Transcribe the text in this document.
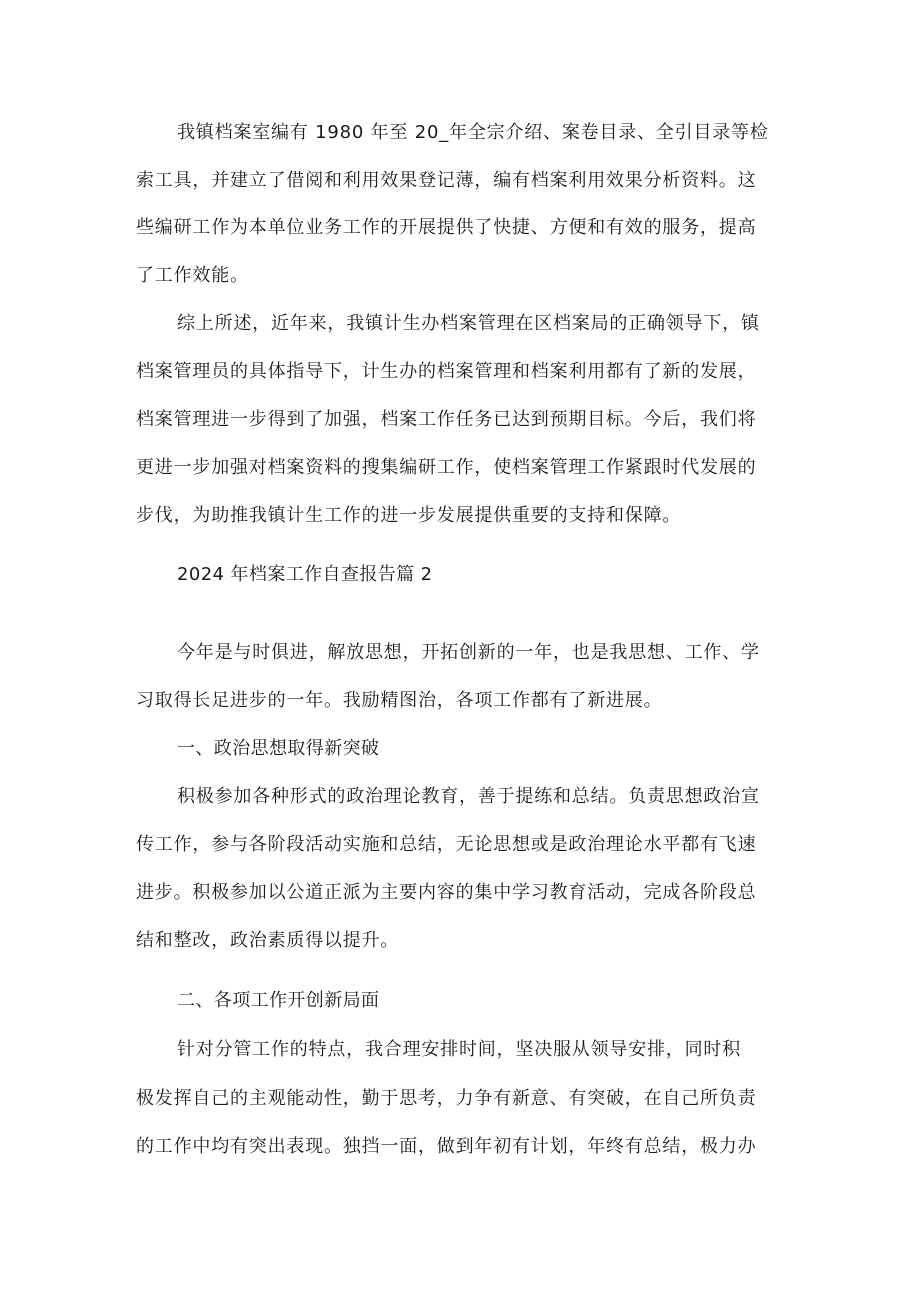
我镇档案室编有 1980 年至 20_年全宗介绍、案卷目录、全引目录等检
索工具，并建立了借阅和利用效果登记薄，编有档案利用效果分析资料。这
些编研工作为本单位业务工作的开展提供了快捷、方便和有效的服务，提高
了工作效能。
综上所述，近年来，我镇计生办档案管理在区档案局的正确领导下，镇
档案管理员的具体指导下，计生办的档案管理和档案利用都有了新的发展，
档案管理进一步得到了加强，档案工作任务已达到预期目标。今后，我们将
更进一步加强对档案资料的搜集编研工作，使档案管理工作紧跟时代发展的
步伐，为助推我镇计生工作的进一步发展提供重要的支持和保障。
2024 年档案工作自查报告篇 2
今年是与时俱进，解放思想，开拓创新的一年，也是我思想、工作、学
习取得长足进步的一年。我励精图治，各项工作都有了新进展。
一、政治思想取得新突破
积极参加各种形式的政治理论教育，善于提练和总结。负责思想政治宣
传工作，参与各阶段活动实施和总结，无论思想或是政治理论水平都有飞速
进步。积极参加以公道正派为主要内容的集中学习教育活动，完成各阶段总
结和整改，政治素质得以提升。
二、各项工作开创新局面
针对分管工作的特点，我合理安排时间，坚决服从领导安排，同时积
极发挥自己的主观能动性，勤于思考，力争有新意、有突破，在自己所负责
的工作中均有突出表现。独挡一面，做到年初有计划，年终有总结，极力办
